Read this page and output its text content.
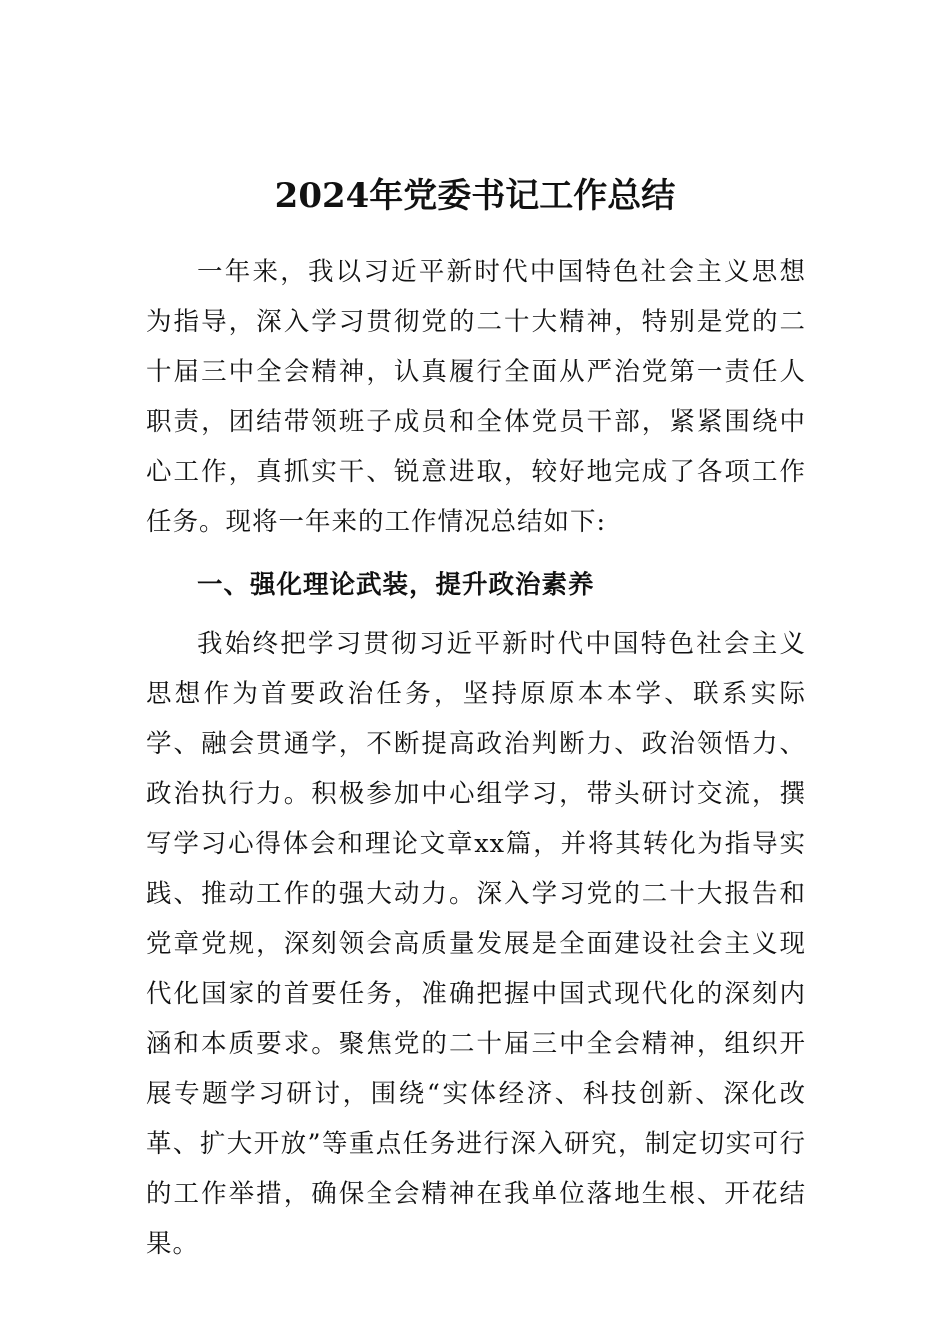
2024年党委书记工作总结

一年来，我以习近平新时代中国特色社会主义思想为指导，深入学习贯彻党的二十大精神，特别是党的二十届三中全会精神，认真履行全面从严治党第一责任人职责，团结带领班子成员和全体党员干部，紧紧围绕中心工作，真抓实干、锐意进取，较好地完成了各项工作任务。现将一年来的工作情况总结如下:

一、强化理论武装，提升政治素养

我始终把学习贯彻习近平新时代中国特色社会主义思想作为首要政治任务，坚持原原本本学、联系实际学、融会贯通学，不断提高政治判断力、政治领悟力、政治执行力。积极参加中心组学习，带头研讨交流，撰写学习心得体会和理论文章xx篇，并将其转化为指导实践、推动工作的强大动力。深入学习党的二十大报告和党章党规，深刻领会高质量发展是全面建设社会主义现代化国家的首要任务，准确把握中国式现代化的深刻内涵和本质要求。聚焦党的二十届三中全会精神，组织开展专题学习研讨，围绕“实体经济、科技创新、深化改革、扩大开放”等重点任务进行深入研究，制定切实可行的工作举措，确保全会精神在我单位落地生根、开花结果。
